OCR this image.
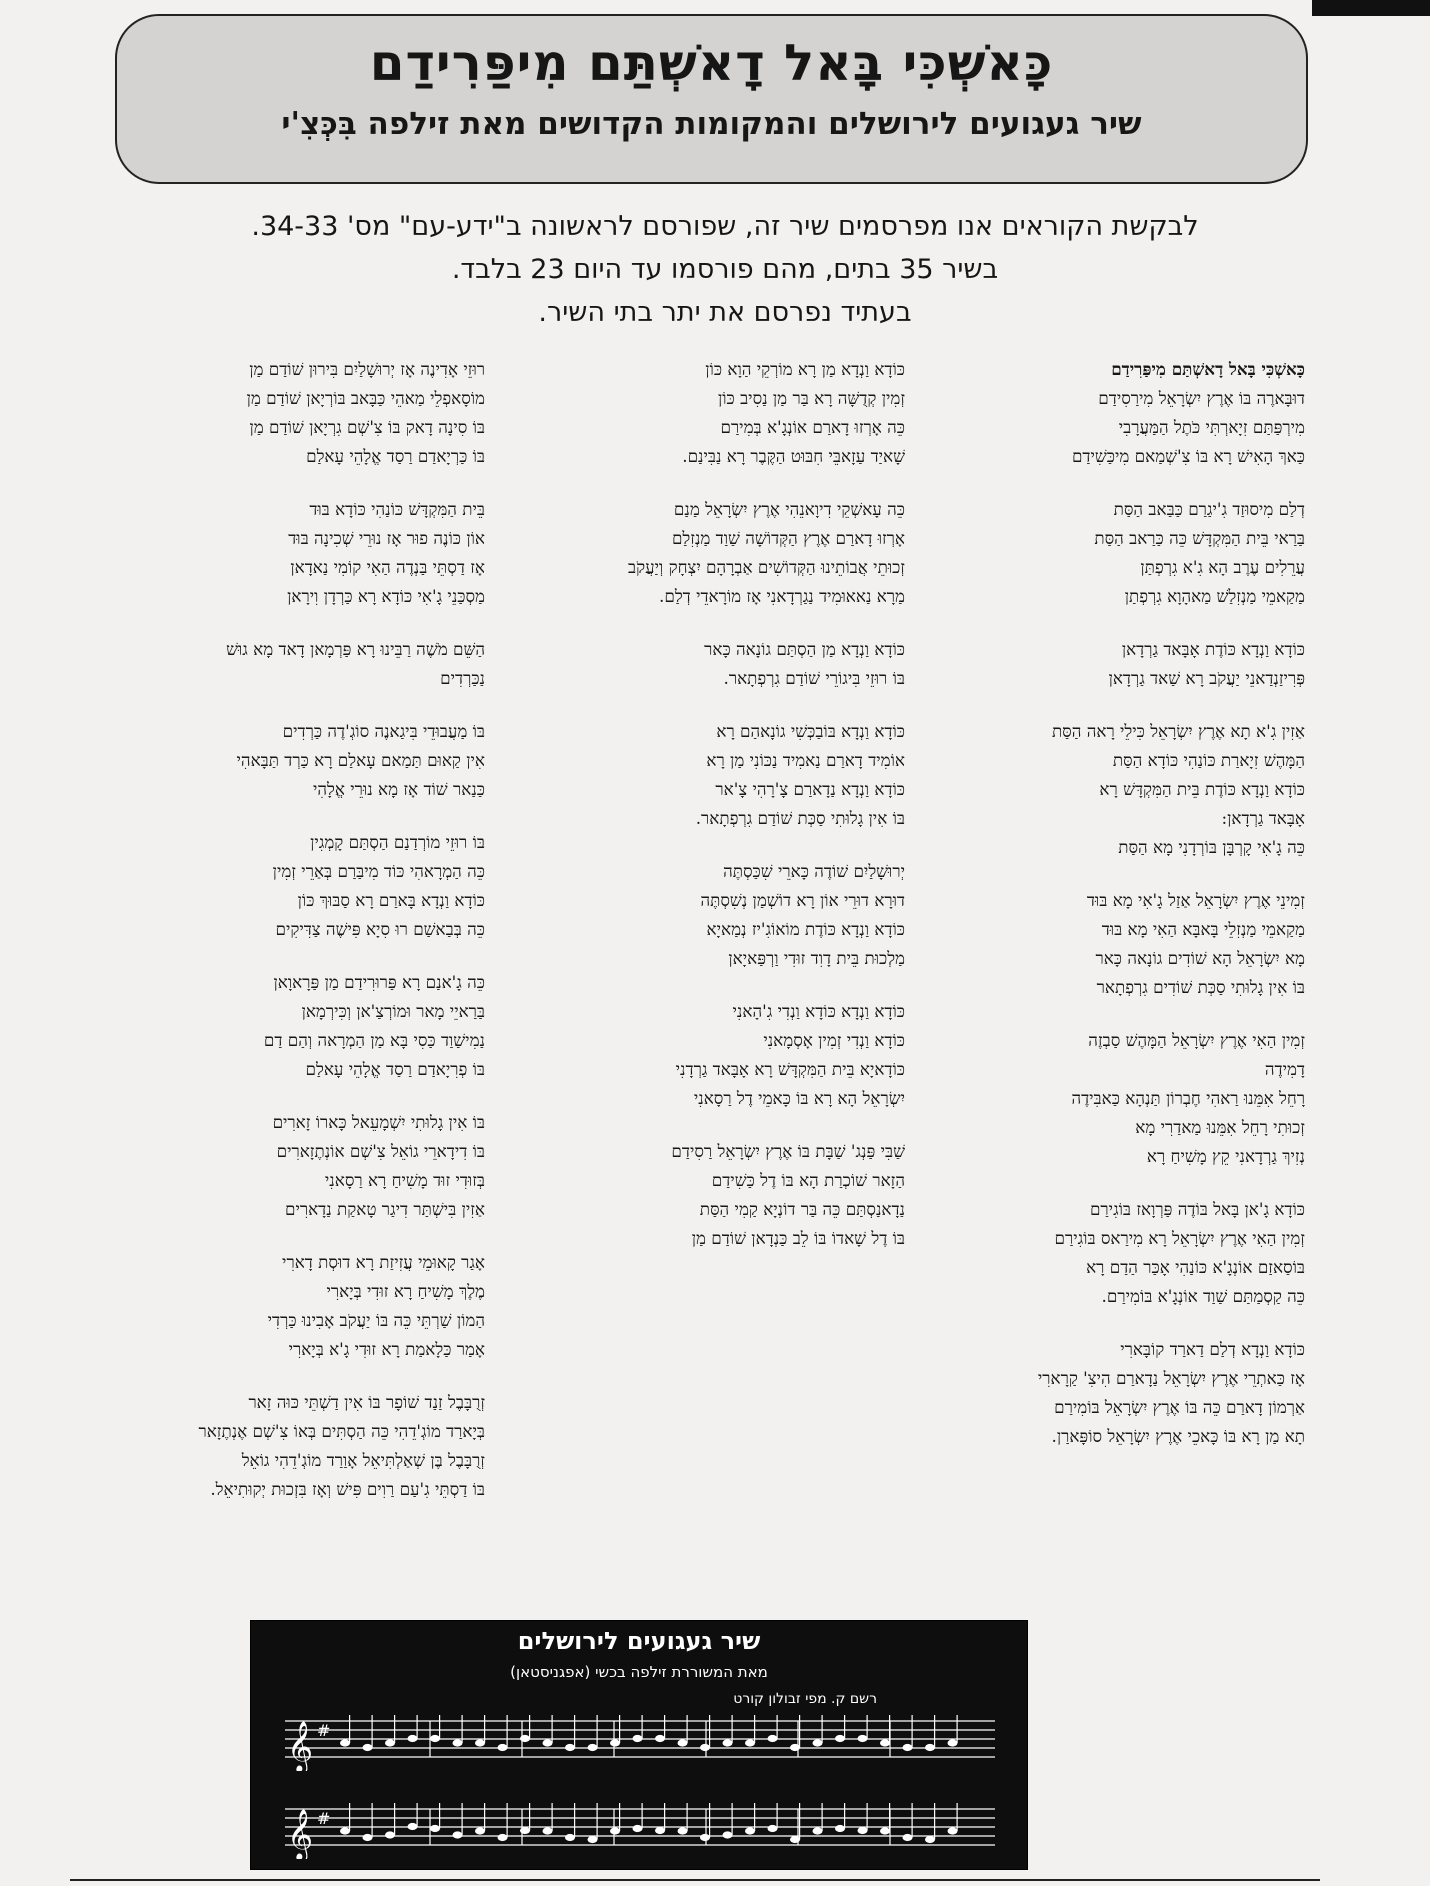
כָּאשְׁכִּי בָּאל דָאשְׁתַּם מִיפַּרִידַם
שיר געגועים לירושלים והמקומות הקדושים מאת זילפה בִּכְּצִ'י
לבקשת הקוראים אנו מפרסמים שיר זה, שפורסם לראשונה ב"ידע-עם" מס' 34-33.
בשיר 35 בתים, מהם פורסמו עד היום 23 בלבד.
בעתיד נפרסם את יתר בתי השיר.
כָּאשְׁכִּי בָּאל דָאשְׁתַּם מִיפַּרִידַם
דוּבָּארֶה בּוֹ אֶרֶץ יִשְׂרָאֵל מִירַסִידַם
מִירְפַּתַּם זִיָארְתִּי כֹּתֶל הַמַּעֲרָבִי
כַּאךְ הָאִישׁ רָא בּוֹ צִ'שְׁמַאם מִיכַּשִׁידַם
דְלַם מִיסוּזַד גִ'יגַרַם כַּבַּאב הַסַּת
בַּרַאי בֵּית הַמִּקְדָּשׁ כֵּה כַּרַאב הַסַּת
עֲרֵלִים עֶרֶב הָא גִ'א גִרְפְתַּן
מַקַאמֵי מַנְזִלַשׁ מַאהָוָא גִרְפְתַן
כּוֹדָא וַנְדָא כּוֹדֶת אָבָּאד גַרְדָאן
פְּרִיזַנְדַאנֵי יַעֲקֹב רָא שַׁאד גַרְדָאן
אַזִין גִ'א תָא אֶרֶץ יִשְׂרָאֵל כִּילֵי רָאה הַסַּת
הַמָּהֶשׁ זִיָארַת כּוֹנַהִי כּוֹדָא הַסַּת
כּוֹדָא וַנְדָא כּוֹדֶת בֵּית הַמִּקְדָּשׁ רָא
אָבָּאד גַרְדָאן:
כֵּה גָ'אִי קָרְבָּן בּוֹרְדָנִי מָא הַסַּת
זְמִינֵי אֶרֶץ יִשְׂרָאֵל אַזַל גָ'אִי מָא בּוּד
מַקַאמֵי מַנְזִלֵי בָּאבָּא הַאִי מָא בּוּד
מָא יִשְׂרָאֵל הָא שׁוֹדִים גוֹנָאה כָּאר
בּוֹ אִין גָלוּתִי סַכְּת שׁוֹדִים גִרְפְתָאר
זְמִין הַאִי אֶרֶץ יִשְׂרָאֵל הַמָּהֶשׁ סַבְזֶה
דָמִידֶה
רָחֵל אִמֵּנוּ רַאהִי חֶבְרוֹן תַּנְהָא כַּאבִּידֶה
זְכוּתִי רָחֵל אִמֵּנוּ מַאדַרִי מָא
נְזִיךְ גַרְדָאנִי קֵץ מָשִׁיחַ רָא
כּוֹדָא גָ'אן בָּאל בּוֹדֶה פַּרְוָאז בּוֹגִירַם
זְמִין הַאִי אֶרֶץ יִשְׂרָאֵל רָא מִירַאס בּוֹגִירַם
בּוֹסַאזַם אוֹנְגָ'א כּוֹנַהִי אָכַּר הַדַם רָא
כֵּה קַסְמַתַּם שַׁוַד אוֹנְגָ'א בּוֹמִירַם.
כּוֹדָא וַנְדָא דְלַם דַארַד קוֹבָּארִי
אָז כַּאתְרֵי אֶרֶץ יִשְׂרָאֵל נַדָארַם הִיצִ' קַרָארִי
אַרְמוֹן דָארַם כֵּה בּוֹ אֶרֶץ יִשְׂרָאֵל בּוֹמִירַם
תָא מַן רָא בּוֹ כָּאכֵי אֶרֶץ יִשְׂרָאֵל סוֹפָּארַן.
כּוֹדָא וַנְדָא מַן רָא מוֹרְקֵי הַוָא כּוֹן
זְמִין קְדֻשָּׁה רָא בַּר מַן נַסִיב כּוֹן
כֵּה אָרְזוּ דָארַם אוֹנְגָ'א בְּמִירַם
שָׁאיַד עַזָאבֵּי חִבּוּט הַקֶּבֶר רָא נַבִּינַם.
כֵּה עָאשְׁקֵי דִיוָאנֵהִי אֶרֶץ יִשְׂרָאֵל מַנַם
אָרְזוּ דָארַם אֶרֶץ הַקְּדוֹשָׁה שַׁוַד מַנְזִלַם
זְכוּתֵי אֲבוֹתֵינוּ הַקְּדוֹשִׁים אַבְרָהָם יִצְחָק וְיַעֲקֹב
מַרָא נַאאוּמִיד נַגַרְדָאנִי אָז מוֹרָאדֵי דְלַם.
כּוֹדָא וַנְדָא מַן הַסְתַּם גוֹנָאה כָּאר
בּוֹ רוּזֵי בִּיגוֹרֵי שׁוֹדַם גִרְפְתָאר.
כּוֹדָא וַנְדָא בּוֹבַכְּשִׁי גוֹנָאהַם רָא
אוֹמִיד דָארַם נַאמִיד נַכּוֹנִי מַן רָא
כּוֹדָא וַנְדָא נַדָארַם צָ'רָהִי צָ'אר
בּוֹ אִין גָלוּתִי סַכְּת שׁוֹדַם גִרְפְתָאר.
יְרוּשָׁלַיִם שׁוֹדֶה כָּארֵי שִׁכַּסְתֶּה
דוּרָא דוּרֵי אוֹן רָא דוֹשְׁמַן נְשִׁסְתֶּה
כּוֹדָא וַנְדָא כּוֹדֶת מוֹאוֹגִ'יז נְמַאיָא
מַלְכוּת בֵּית דָוִד זוּדִי וַרְפַּאיָאן
כּוֹדָא וַנְדָא כּוֹדָא וַנְדִי גִ'הָאנִי
כּוֹדָא וַנְדִי זְמִין אָסְמָאנִי
כּוֹדָאיָא בֵּית הַמִּקְדָּשׁ רָא אָבָּאד גַרְדָנִי
יִשְׂרָאֵל הָא רָא בּוֹ כָּאמֵי דֶל רַסָאנִי
שַׁבִּי פַּנְג' שַׁבָּת בּוֹ אֶרֶץ יִשְׂרָאֵל רַסִידַם
הַזָאר שׁוֹכְרַת הָא בּוֹ דֶל כַּשִׁידַם
נַדָאנַסְתַּם כֵּה בַּר דוֹנְיָא קַמִי הַסַּת
בּוֹ דֶל שָׁאדוֹ בּוֹ לֵב כַּנְדָאן שׁוֹדַם מַן
רוּזֵי אָדִינֶה אָז יְרוּשָׁלַיִם בִּירוּן שׁוֹדַם מַן
מוֹסָאפְלֵי מַאהֵי כַּבָּאב בּוֹרְיָאן שׁוֹדַם מַן
בּוֹ סִינָה דָאק בּוֹ צִ'שְׁם גִרְיָאן שׁוֹדַם מַן
בּוֹ כַּרְיָאדַם רַסַד אֱלָהֵי עָאלַם
בֵּית הַמִּקְדָּשׁ כּוֹנַהִי כּוֹדָא בּוּד
אוֹן כּוֹנֶה פוּר אָז נוּרֵי שְׁכִינָה בּוּד
אָז דַסְתֵּי בַּנְדֶה הַאִי קוֹמִי נַאדָאן
מַסְכַּנֵי גָ'אִי כּוֹדָא רָא כַּרְדָן וִירָאן
הַשֵּׁם מֹשֶׁה רַבֵּינוּ רָא פַּרְמָאן דָאד מָא גוּשׁ
נַכַּרְדִים
בּוֹ מַעֲבוּדֵי בִּיגַאנֶה סוֹגְ'דֶה כַּרְדִים
אִין קַאוּם תַּמַאם עָאלַם רָא כַּרְד תַּבָּאהִי
כַּנַאר שׁוֹד אָז מָא נוּרֵי אֱלָהִי
בּוֹ רוּזֵי מוֹרְדַנַם הַסְתַּם קָמְגִין
כֵּה הַמְרָאהִי כּוֹד מִיבַּרַם בְּאַרֵי זְמִין
כּוֹדָא וַנְדָא בָּארַם רָא סַבּוּךְ כּוֹן
כֵּה בְּבַאשַׁם רוּ סִיָא פִּישֶׁה צַדִּיקִים
כֵּה גָ'אנַם רָא פַּרוּרִידַם מַן פַּרָאוָאן
בַּרַאיֵי מָאר וּמוֹרְצַ'אן וְכִּירְמָאן
נַמִישַׁוַד כַּסִי בָּא מַן הַמְרָאה וְהַם דַם
בּוֹ פְרִיָאדַם רַסַד אֱלָהֵי עָאלַם
בּוֹ אִין גָלוּתִי יִשְׁמָעֵאל כָּארוֹ זָארִים
בּוֹ דִידָארֵי גוֹאֵל צִ'שְׁם אוֹנְתֶזָארִים
בְּזוּדִי זוּד מָשִׁיחַ רָא רַסָאנִי
אַזִין בִּישְׁתַּר דִיגַר טָאקַת נַדָארִים
אָגַר קָאוּמֵי עֲזִיזַת רָא דוּסְת דָארִי
מֶלֶךְ מָשִׁיחַ רָא זוּדִי בְּיָארִי
הַמוֹן שַׁרְתֵּי כֵּה בּוֹ יַעֲקֹב אָבִינוּ כַּרְדִי
אָמַר כַּלָאמַת רָא זוּדִי גָ'א בְּיָארִי
זְרֻבָּבֶל זַנַד שׁוֹפָר בּוֹ אִין דַשְׁתֵּי כּוּה זָאר
בְּיָארַד מוֹגְ'דֵהִי כֵּה הַסְתִּים בְּאוֹ צִ'שְׁם אֶנְתֶזָאר
זְרֻבָּבֶל בֶּן שְׁאַלְתִּיאֵל אָוַרַד מוֹגְ'דֵהִי גוֹאֵל
בּוֹ דַסְתֵּי גִ'עַם רַוִים פִּישׁ וְאָז בִּזְכוּת יְקוּתִיאֵל.
שיר געגועים לירושלים
מאת המשוררת זילפה בכשי (אפגניסטאן)
רשם ק. מפי זבולון קורט
𝄞 #
𝄞 #
